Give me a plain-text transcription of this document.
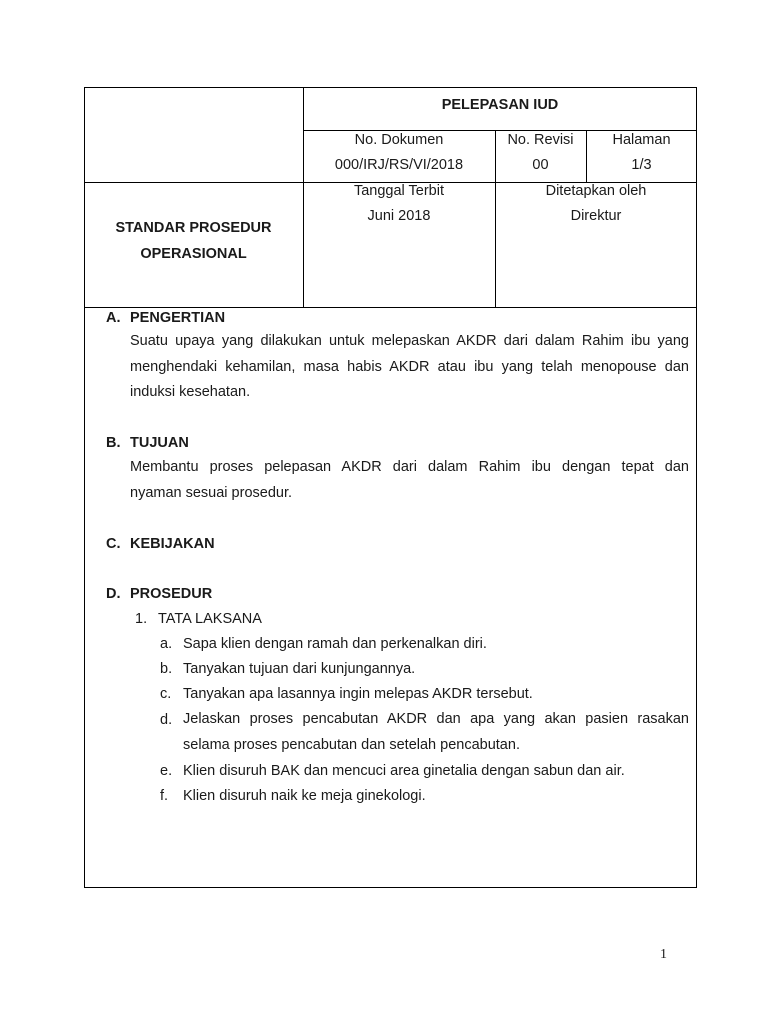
PELEPASAN IUD
No. Dokumen
000/IRJ/RS/VI/2018
No. Revisi
00
Halaman
1/3
STANDAR PROSEDUR
OPERASIONAL
Tanggal Terbit
Juni 2018
Ditetapkan oleh
Direktur
A. PENGERTIAN
Suatu upaya yang dilakukan untuk melepaskan AKDR dari dalam Rahim ibu yang
menghendaki kehamilan, masa habis AKDR atau ibu yang telah menopouse dan
induksi kesehatan.
B. TUJUAN
Membantu proses pelepasan AKDR dari dalam Rahim ibu dengan tepat dan
nyaman sesuai prosedur.
C. KEBIJAKAN
D. PROSEDUR
1. TATA LAKSANA
a. Sapa klien dengan ramah dan perkenalkan diri.
b. Tanyakan tujuan dari kunjungannya.
c. Tanyakan apa lasannya ingin melepas AKDR tersebut.
d. Jelaskan proses pencabutan AKDR dan apa yang akan pasien rasakan
selama proses pencabutan dan setelah pencabutan.
e. Klien disuruh BAK dan mencuci area ginetalia dengan sabun dan air.
f. Klien disuruh naik ke meja ginekologi.
1
